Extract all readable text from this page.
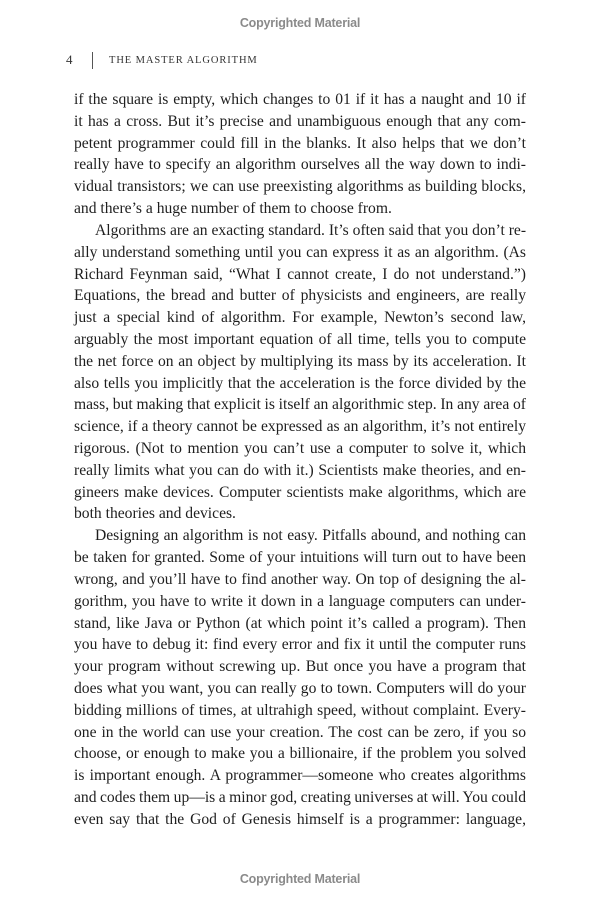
Copyrighted Material
4	THE MASTER ALGORITHM

if the square is empty, which changes to 01 if it has a naught and 10 if
it has a cross. But it’s precise and unambiguous enough that any com-
petent programmer could fill in the blanks. It also helps that we don’t
really have to specify an algorithm ourselves all the way down to indi-
vidual transistors; we can use preexisting algorithms as building blocks,
and there’s a huge number of them to choose from.

Algorithms are an exacting standard. It’s often said that you don’t re-
ally understand something until you can express it as an algorithm. (As
Richard Feynman said, “What I cannot create, I do not understand.”)
Equations, the bread and butter of physicists and engineers, are really
just a special kind of algorithm. For example, Newton’s second law,
arguably the most important equation of all time, tells you to compute
the net force on an object by multiplying its mass by its acceleration. It
also tells you implicitly that the acceleration is the force divided by the
mass, but making that explicit is itself an algorithmic step. In any area of
science, if a theory cannot be expressed as an algorithm, it’s not entirely
rigorous. (Not to mention you can’t use a computer to solve it, which
really limits what you can do with it.) Scientists make theories, and en-
gineers make devices. Computer scientists make algorithms, which are
both theories and devices.

Designing an algorithm is not easy. Pitfalls abound, and nothing can
be taken for granted. Some of your intuitions will turn out to have been
wrong, and you’ll have to find another way. On top of designing the al-
gorithm, you have to write it down in a language computers can under-
stand, like Java or Python (at which point it’s called a program). Then
you have to debug it: find every error and fix it until the computer runs
your program without screwing up. But once you have a program that
does what you want, you can really go to town. Computers will do your
bidding millions of times, at ultrahigh speed, without complaint. Every-
one in the world can use your creation. The cost can be zero, if you so
choose, or enough to make you a billionaire, if the problem you solved
is important enough. A programmer—someone who creates algorithms
and codes them up—is a minor god, creating universes at will. You could
even say that the God of Genesis himself is a programmer: language,

Copyrighted Material
